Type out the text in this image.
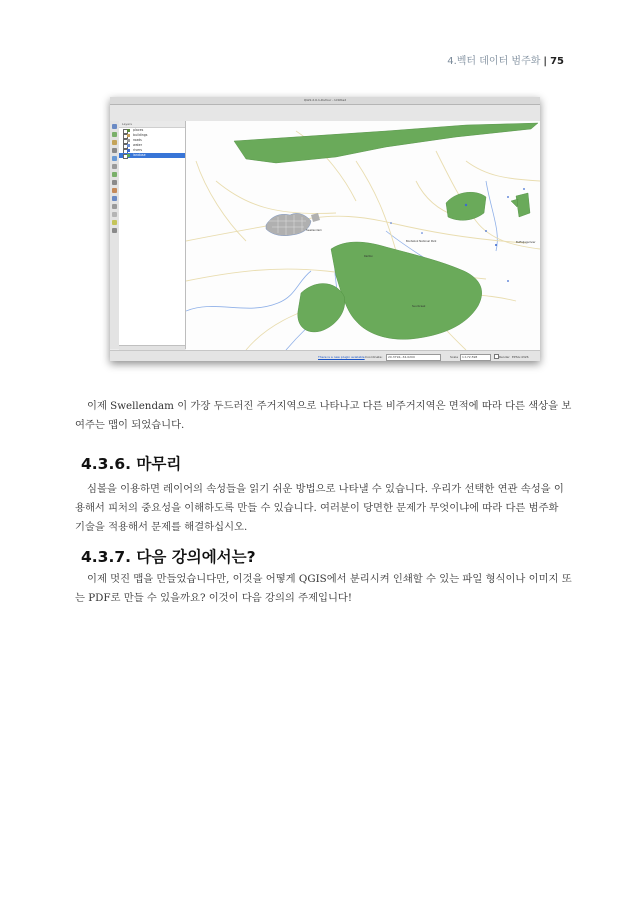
4.벡터 데이터 범주화 | 75
QGIS 2.0.1-Dufour - Untitled
Layers
places
buildings
roads
water
rivers
landuse
Swellendam
Bontebok National Park
Railton
Suurbraak
Buffeljagsrivier
There is a new plugin available Coordinate:	20.3792,-34.0200	Scale	1:172,598	Render EPSG:4326

이제 Swellendam 이 가장 두드러진 주거지역으로 나타나고 다른 비주거지역은 면적에 따라 다른 색상을 보
여주는 맵이 되었습니다.

4.3.6. 마무리

심볼을 이용하면 레이어의 속성들을 읽기 쉬운 방법으로 나타낼 수 있습니다. 우리가 선택한 연관 속성을 이
용해서 피처의 중요성을 이해하도록 만들 수 있습니다. 여러분이 당면한 문제가 무엇이냐에 따라 다른 범주화
기술을 적용해서 문제를 해결하십시오.

4.3.7. 다음 강의에서는?

이제 멋진 맵을 만들었습니다만, 이것을 어떻게 QGIS에서 분리시켜 인쇄할 수 있는 파일 형식이나 이미지 또
는 PDF로 만들 수 있을까요? 이것이 다음 강의의 주제입니다!
